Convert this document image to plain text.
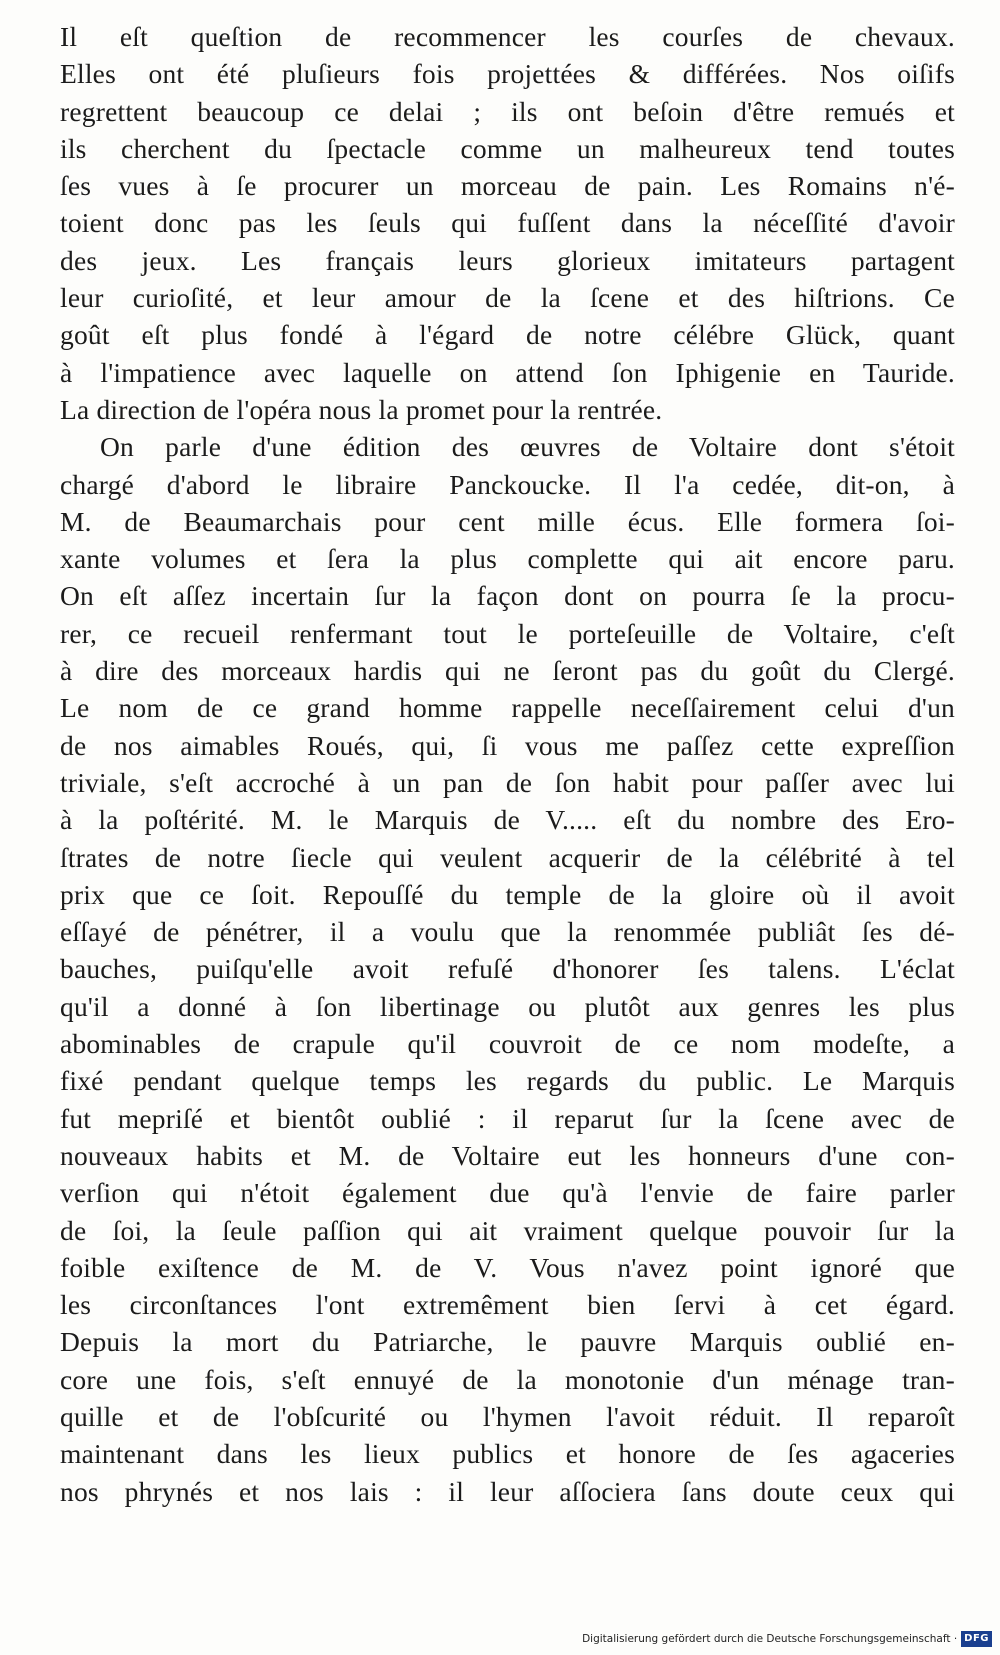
Il eſt queſtion de recommencer les courſes de chevaux.
Elles ont été pluſieurs fois projettées & différées. Nos oiſifs
regrettent beaucoup ce delai ; ils ont beſoin d'être remués et
ils cherchent du ſpectacle comme un malheureux tend toutes
ſes vues à ſe procurer un morceau de pain. Les Romains n'é-
toient donc pas les ſeuls qui fuſſent dans la néceſſité d'avoir
des jeux. Les français leurs glorieux imitateurs partagent
leur curioſité, et leur amour de la ſcene et des hiſtrions. Ce
goût eſt plus fondé à l'égard de notre célébre Glück, quant
à l'impatience avec laquelle on attend ſon Iphigenie en Tauride.
La direction de l'opéra nous la promet pour la rentrée.
On parle d'une édition des œuvres de Voltaire dont s'étoit
chargé d'abord le libraire Panckoucke. Il l'a cedée, dit-on, à
M. de Beaumarchais pour cent mille écus. Elle formera ſoi-
xante volumes et ſera la plus complette qui ait encore paru.
On eſt aſſez incertain ſur la façon dont on pourra ſe la procu-
rer, ce recueil renfermant tout le porteſeuille de Voltaire, c'eſt
à dire des morceaux hardis qui ne ſeront pas du goût du Clergé.
Le nom de ce grand homme rappelle neceſſairement celui d'un
de nos aimables Roués, qui, ſi vous me paſſez cette expreſſion
triviale, s'eſt accroché à un pan de ſon habit pour paſſer avec lui
à la poſtérité. M. le Marquis de V..... eſt du nombre des Ero-
ſtrates de notre ſiecle qui veulent acquerir de la célébrité à tel
prix que ce ſoit. Repouſſé du temple de la gloire où il avoit
eſſayé de pénétrer, il a voulu que la renommée publiât ſes dé-
bauches, puiſqu'elle avoit refuſé d'honorer ſes talens. L'éclat
qu'il a donné à ſon libertinage ou plutôt aux genres les plus
abominables de crapule qu'il couvroit de ce nom modeſte, a
fixé pendant quelque temps les regards du public. Le Marquis
fut mepriſé et bientôt oublié : il reparut ſur la ſcene avec de
nouveaux habits et M. de Voltaire eut les honneurs d'une con-
verſion qui n'étoit également due qu'à l'envie de faire parler
de ſoi, la ſeule paſſion qui ait vraiment quelque pouvoir ſur la
foible exiſtence de M. de V. Vous n'avez point ignoré que
les circonſtances l'ont extremêment bien ſervi à cet égard.
Depuis la mort du Patriarche, le pauvre Marquis oublié en-
core une fois, s'eſt ennuyé de la monotonie d'un ménage tran-
quille et de l'obſcurité ou l'hymen l'avoit réduit. Il reparoît
maintenant dans les lieux publics et honore de ſes agaceries
nos phrynés et nos lais : il leur aſſociera ſans doute ceux qui
Digitalisierung gefördert durch die Deutsche Forschungsgemeinschaft · DFG
